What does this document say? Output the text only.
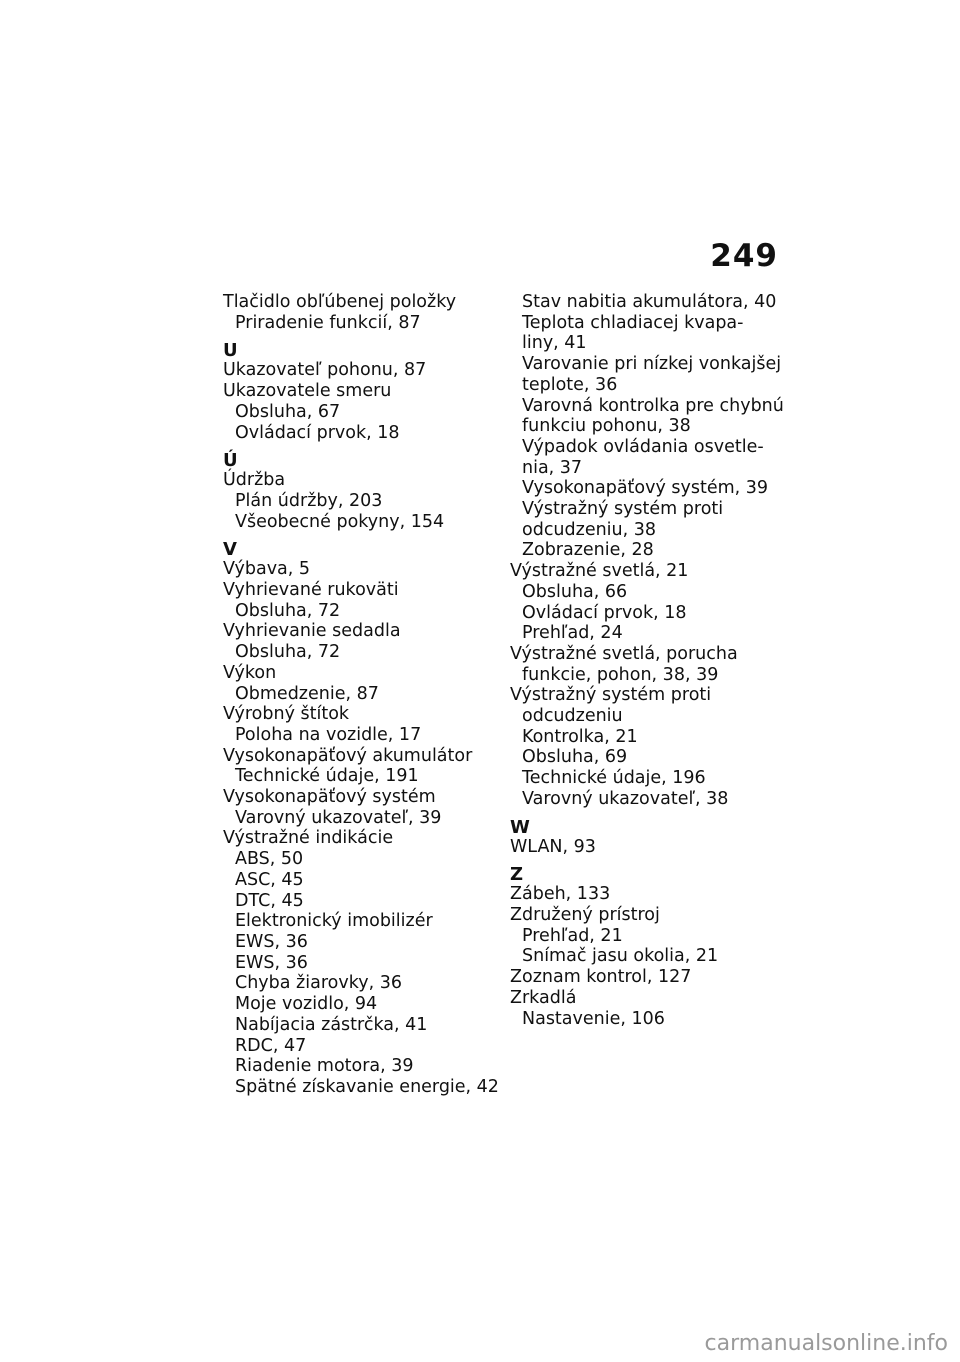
249
Tlačidlo obľúbenej položky
Priradenie funkcií, 87
U
Ukazovateľ pohonu, 87
Ukazovatele smeru
Obsluha, 67
Ovládací prvok, 18
Ú
Údržba
Plán údržby, 203
Všeobecné pokyny, 154
V
Výbava, 5
Vyhrievané rukoväti
Obsluha, 72
Vyhrievanie sedadla
Obsluha, 72
Výkon
Obmedzenie, 87
Výrobný štítok
Poloha na vozidle, 17
Vysokonapäťový akumulátor
Technické údaje, 191
Vysokonapäťový systém
Varovný ukazovateľ, 39
Výstražné indikácie
ABS, 50
ASC, 45
DTC, 45
Elektronický imobilizér
EWS, 36
EWS, 36
Chyba žiarovky, 36
Moje vozidlo, 94
Nabíjacia zástrčka, 41
RDC, 47
Riadenie motora, 39
Spätné získavanie energie, 42
Stav nabitia akumulátora, 40
Teplota chladiacej kvapa-
liny, 41
Varovanie pri nízkej vonkajšej
teplote, 36
Varovná kontrolka pre chybnú
funkciu pohonu, 38
Výpadok ovládania osvetle-
nia, 37
Vysokonapäťový systém, 39
Výstražný systém proti
odcudzeniu, 38
Zobrazenie, 28
Výstražné svetlá, 21
Obsluha, 66
Ovládací prvok, 18
Prehľad, 24
Výstražné svetlá, porucha
funkcie, pohon, 38, 39
Výstražný systém proti
odcudzeniu
Kontrolka, 21
Obsluha, 69
Technické údaje, 196
Varovný ukazovateľ, 38
W
WLAN, 93
Z
Zábeh, 133
Združený prístroj
Prehľad, 21
Snímač jasu okolia, 21
Zoznam kontrol, 127
Zrkadlá
Nastavenie, 106
carmanualsonline.info
